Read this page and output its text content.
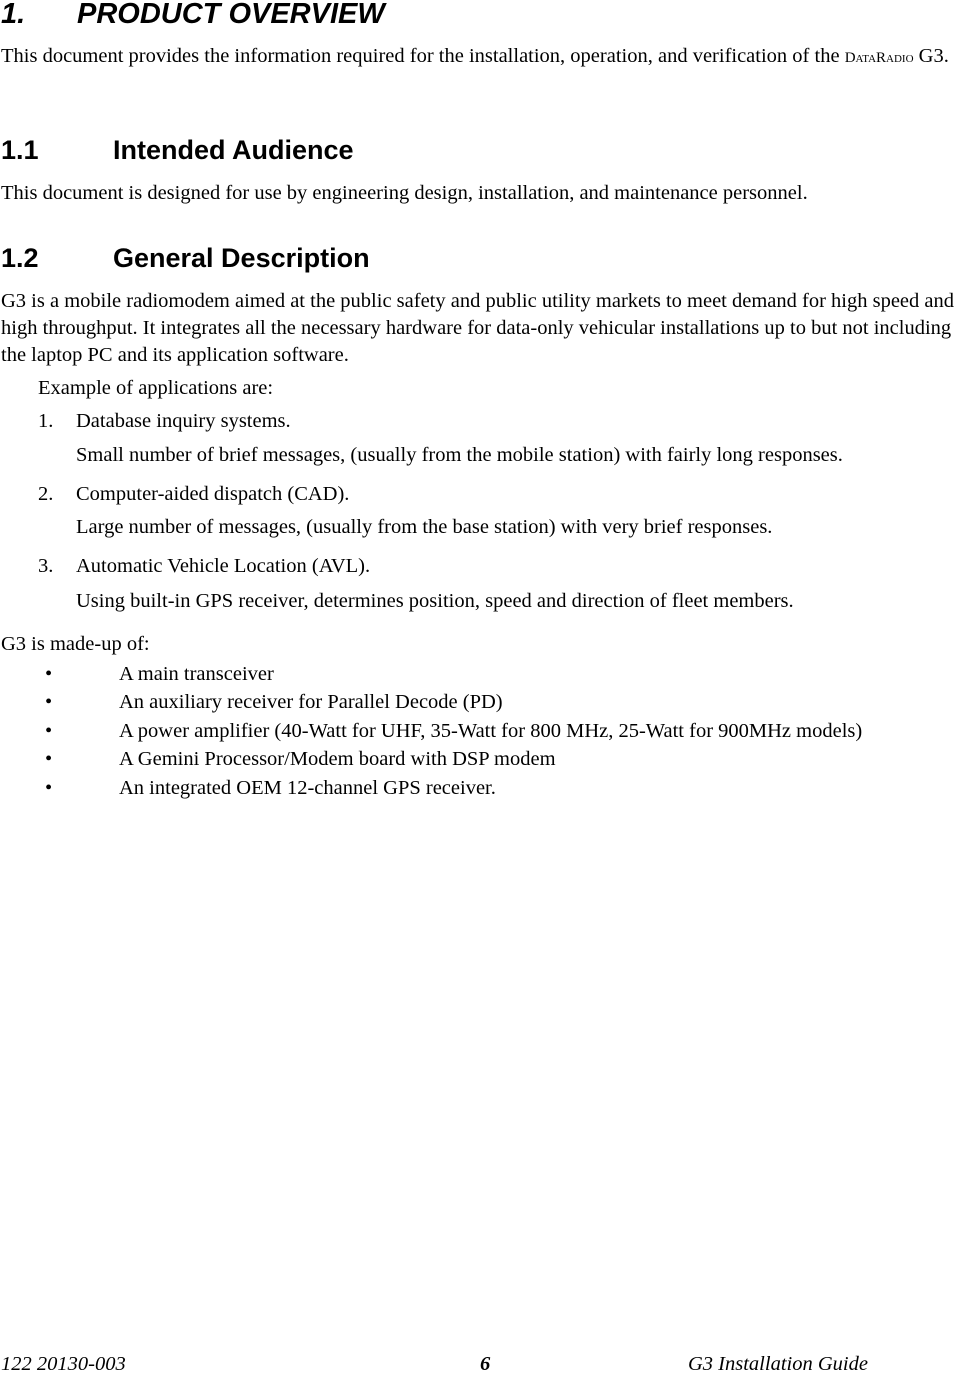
1. PRODUCT OVERVIEW
This document provides the information required for the installation, operation, and verification of the DataRadio G3.
1.1	Intended Audience
This document is designed for use by engineering design, installation, and maintenance personnel.
1.2	General Description
G3 is a mobile radiomodem aimed at the public safety and public utility markets to meet demand for high speed and high throughput. It integrates all the necessary hardware for data-only vehicular installations up to but not including the laptop PC and its application software.
Example of applications are:
1. Database inquiry systems.
Small number of brief messages, (usually from the mobile station) with fairly long responses.
2. Computer-aided dispatch (CAD).
Large number of messages, (usually from the base station) with very brief responses.
3. Automatic Vehicle Location (AVL).
Using built-in GPS receiver, determines position, speed and direction of fleet members.
G3 is made-up of:
•	A main transceiver
•	An auxiliary receiver for Parallel Decode (PD)
•	A power amplifier (40-Watt for UHF, 35-Watt for 800 MHz, 25-Watt for 900MHz models)
•	A Gemini Processor/Modem board with DSP modem
•	An integrated OEM 12-channel GPS receiver.
122 20130-003	6	G3 Installation Guide
